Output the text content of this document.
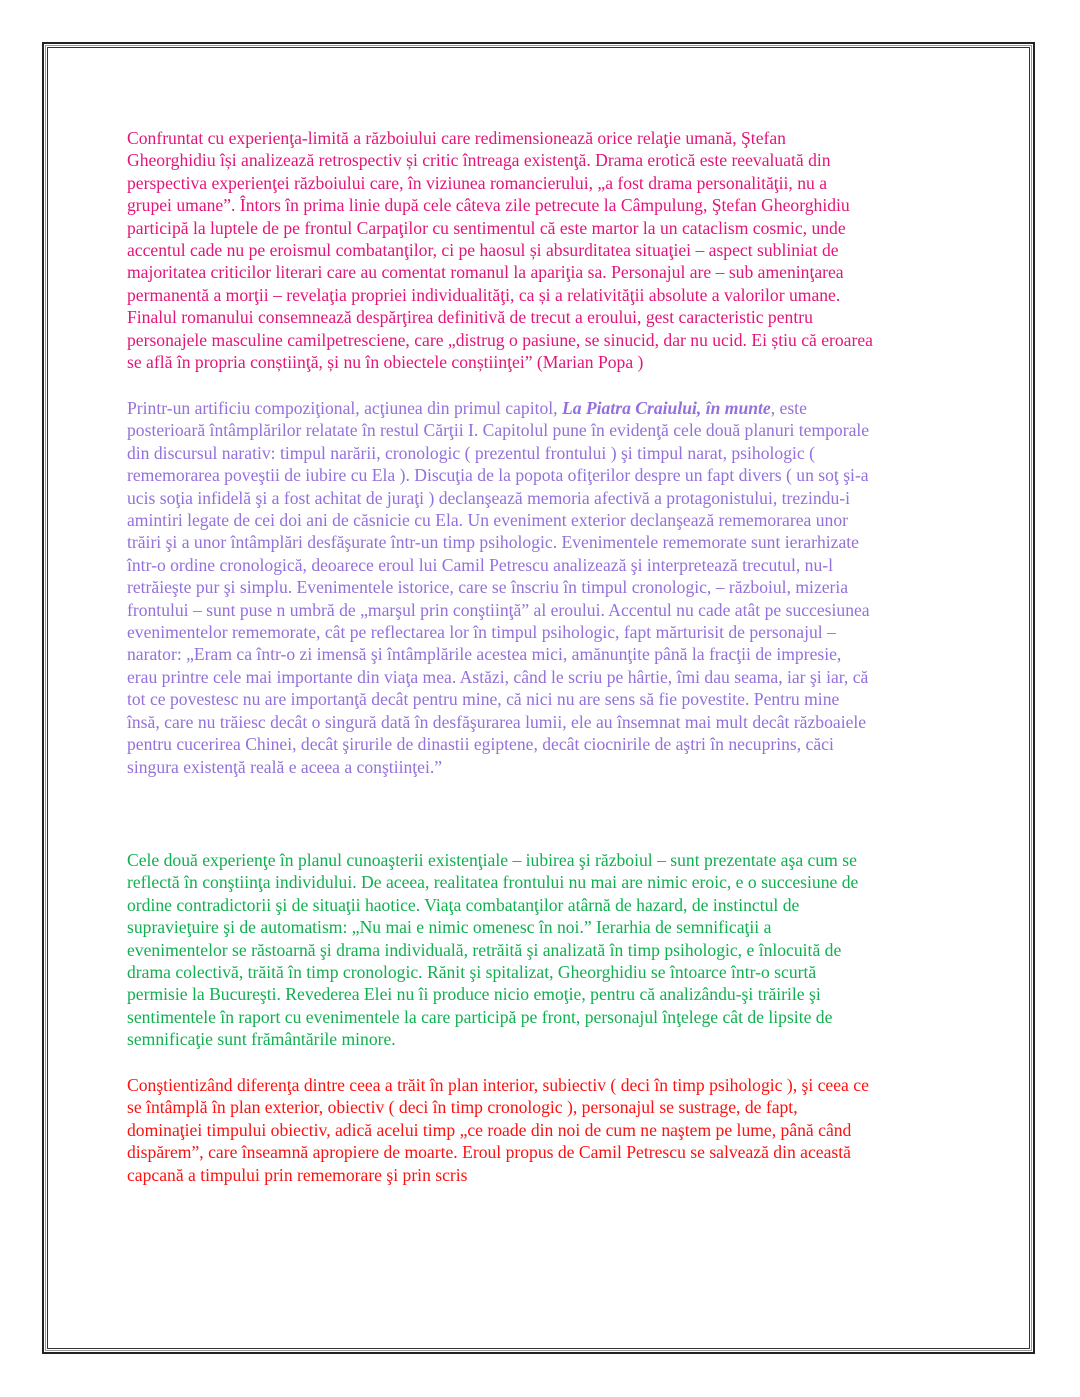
Confruntat cu experienţa-limită a războiului care redimensionează orice relaţie umană, Ştefan
Gheorghidiu își analizează retrospectiv și critic întreaga existenţă. Drama erotică este reevaluată din
perspectiva experienţei războiului care, în viziunea romancierului, „a fost drama personalităţii, nu a
grupei umane”. Întors în prima linie după cele câteva zile petrecute la Câmpulung, Ştefan Gheorghidiu
participă la luptele de pe frontul Carpaţilor cu sentimentul că este martor la un cataclism cosmic, unde
accentul cade nu pe eroismul combatanţilor, ci pe haosul și absurditatea situaţiei – aspect subliniat de
majoritatea criticilor literari care au comentat romanul la apariţia sa. Personajul are – sub ameninţarea
permanentă a morţii – revelaţia propriei individualităţi, ca și a relativităţii absolute a valorilor umane.
Finalul romanului consemnează despărţirea definitivă de trecut a eroului, gest caracteristic pentru
personajele masculine camilpetresciene, care „distrug o pasiune, se sinucid, dar nu ucid. Ei știu că eroarea
se află în propria conștiinţă, și nu în obiectele conștiinţei” (Marian Popa )
Printr-un artificiu compoziţional, acţiunea din primul capitol, La Piatra Craiului, în munte, este
posterioară întâmplărilor relatate în restul Cărţii I. Capitolul pune în evidenţă cele două planuri temporale
din discursul narativ: timpul narării, cronologic ( prezentul frontului ) şi timpul narat, psihologic (
rememorarea poveştii de iubire cu Ela ). Discuţia de la popota ofiţerilor despre un fapt divers ( un soţ şi-a
ucis soţia infidelă şi a fost achitat de juraţi ) declanşează memoria afectivă a protagonistului, trezindu-i
amintiri legate de cei doi ani de căsnicie cu Ela. Un eveniment exterior declanşează rememorarea unor
trăiri şi a unor întâmplări desfăşurate într-un timp psihologic. Evenimentele rememorate sunt ierarhizate
într-o ordine cronologică, deoarece eroul lui Camil Petrescu analizează şi interpretează trecutul, nu-l
retrăieşte pur şi simplu. Evenimentele istorice, care se înscriu în timpul cronologic, – războiul, mizeria
frontului – sunt puse n umbră de „marşul prin conştiinţă” al eroului. Accentul nu cade atât pe succesiunea
evenimentelor rememorate, cât pe reflectarea lor în timpul psihologic, fapt mărturisit de personajul –
narator: „Eram ca într-o zi imensă şi întâmplările acestea mici, amănunţite până la fracţii de impresie,
erau printre cele mai importante din viaţa mea. Astăzi, când le scriu pe hârtie, îmi dau seama, iar şi iar, că
tot ce povestesc nu are importanţă decât pentru mine, că nici nu are sens să fie povestite. Pentru mine
însă, care nu trăiesc decât o singură dată în desfăşurarea lumii, ele au însemnat mai mult decât războaiele
pentru cucerirea Chinei, decât şirurile de dinastii egiptene, decât ciocnirile de aştri în necuprins, căci
singura existenţă reală e aceea a conştiinţei.”
Cele două experienţe în planul cunoaşterii existenţiale – iubirea şi războiul – sunt prezentate aşa cum se
reflectă în conştiinţa individului. De aceea, realitatea frontului nu mai are nimic eroic, e o succesiune de
ordine contradictorii şi de situaţii haotice. Viaţa combatanţilor atârnă de hazard, de instinctul de
supravieţuire şi de automatism: „Nu mai e nimic omenesc în noi.” Ierarhia de semnificaţii a
evenimentelor se răstoarnă şi drama individuală, retrăită şi analizată în timp psihologic, e înlocuită de
drama colectivă, trăită în timp cronologic. Rănit şi spitalizat, Gheorghidiu se întoarce într-o scurtă
permisie la Bucureşti. Revederea Elei nu îi produce nicio emoţie, pentru că analizându-şi trăirile şi
sentimentele în raport cu evenimentele la care participă pe front, personajul înţelege cât de lipsite de
semnificaţie sunt frământările minore.
Conştientizând diferenţa dintre ceea a trăit în plan interior, subiectiv ( deci în timp psihologic ), şi ceea ce
se întâmplă în plan exterior, obiectiv ( deci în timp cronologic ), personajul se sustrage, de fapt,
dominaţiei timpului obiectiv, adică acelui timp „ce roade din noi de cum ne naştem pe lume, până când
dispărem”, care înseamnă apropiere de moarte. Eroul propus de Camil Petrescu se salvează din această
capcană a timpului prin rememorare şi prin scris
